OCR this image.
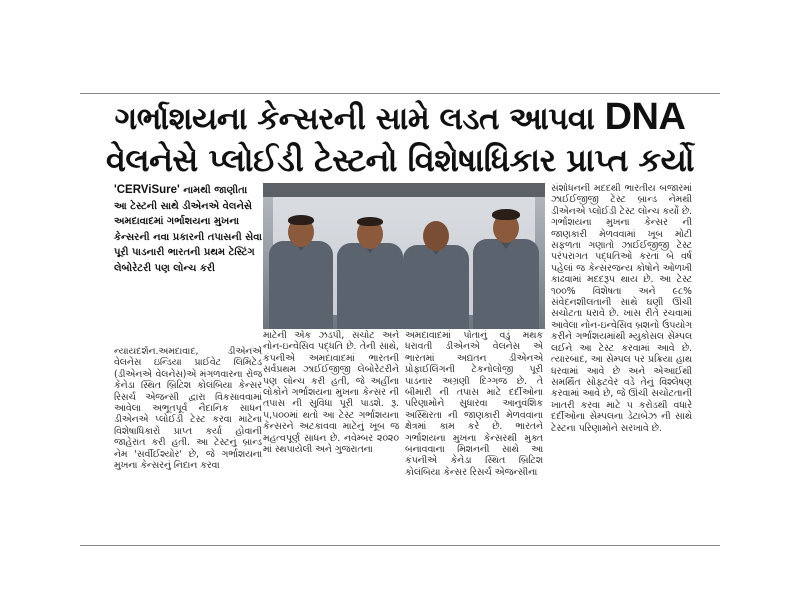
ગર્ભાશયના કેન્સરની સામે લડત આપવા DNA
વેલનેસે પ્લોઈડી ટેસ્ટનો વિશેષાધિકાર પ્રાપ્ત કર્યો
'CERViSure' નામથી જાણીતા આ ટેસ્ટની સાથે ડીએનએ વેલનેસે અમદાવાદમાં ગર્ભાશયના મુખના કેન્સરની નવા પ્રકારની તપાસની સેવા પૂરી પાડનારી ભારતની પ્રથમ ટેસ્ટિંગ લેબોરેટરી પણ લોન્ચ કરી
ન્યાયદર્શન.અમદાવાદ, ડીએનએ વેલનેસ ઇન્ડિયા પ્રાઈવેટ લિમિટેડ (ડીએનએ વેલનેસ)એ મંગળવારના રોજ કેનેડા સ્થિત બ્રિટિશ કોલંબિયા કેન્સર રિસર્ચ એજન્સી દ્વારા વિકસાવવામાં આવેલા અભૂતપૂર્વ નૈદાનિક સાધન ડીએનએ પ્લોઈડી ટેસ્ટ કરવા માટેના વિશેષાધિકારો પ્રાપ્ત કર્યા હોવાની જાહેરાત કરી હતી. આ ટેસ્ટનું બ્રાન્ડ નેમ 'સર્વીઈશ્યોર' છે, જે ગર્ભાશયના મુખના કેન્સરનું નિદાન કરવા
માટેની એક ઝડપી, સચોટ અને નોન-ઇન્વેસિવ પદ્ધતિ છે. તેની સાથે, કંપનીએ અમદાવાદમાં ભારતની સર્વપ્રથમ ઝાઈઈજીજી લેબોરેટરીને પણ લોન્ચ કરી હતી, જે અહીંના લોકોને ગર્ભાશયના મુખના કેન્સર ની તપાસ ની સુવિધા પૂરી પાડશે. રૂ. ૫,૫૦૦માં થતો આ ટેસ્ટ ગર્ભાશયના કેન્સરને અટકાવવા માટેનું ખૂબ જ મહત્વપૂર્ણ સાધન છે. નવેમ્બર ૨૦૨૦ માં સ્થપાયેલી અને ગુજરાતના
અમદાવાદમાં પોતાનું વડું મથક ધરાવતી ડીએનએ વેલનેસ એ ભારતમાં અદ્યતન ડીએનએ પ્રોફાઈલિંગની ટેકનોલોજી પૂરી પાડનાર અગ્રણી દિગ્ગજ છે. તે બીમારી ની તપાસ માટે દર્દીઓના પરિણામોને સુધારવા આનુવંશિક અસ્થિરતા ની જાણકારી મેળવવાના ક્ષેત્રમાં કામ કરે છે. ભારતને ગર્ભાશયના મુખના કેન્સરથી મુક્ત બનાવવાના મિશનની સાથે આ કંપનીએ કેનેડા સ્થિત બ્રિટિશ કોલંબિયા કેન્સર રિસર્ચ એજન્સીના
સંશોધનની મદદથી ભારતીય બજારમાં ઝાઈઈજીજી ટેસ્ટ બ્રાન્ડ નેમથી ડીએનએ પ્લોઈડી ટેસ્ટ લોન્ચ કર્યો છે. ગર્ભાશયના મુખના કેન્સર ની જાણકારી મેળવવામાં ખૂબ મોટી સફળતા ગણાતો ઝાઈઈજીજી ટેસ્ટ પરંપરાગત પદ્ધતિઓ કરતાં બે વર્ષ પહેલાં જ કેન્સરજન્ય કોષોને ઓળખી કાઢવામાં મદદરૂપ થાય છે. આ ટેસ્ટ ૧૦૦% વિશેષતા અને ૯૮% સંવેદનશીલતાની સાથે ઘણી ઊંચી સચોટતા ધરાવે છે. ખાસ રીતે રચવામાં આવેલા નોન-ઇન્વેસિવ બ્રશનો ઉપયોગ કરીને ગર્ભાશયમાંથી મ્યુકોસલ સેમ્પલ લઈને આ ટેસ્ટ કરવામાં આવે છે. ત્યારબાદ, આ સેમ્પલ પર પ્રક્રિયા હાથ ધરવામાં આવે છે અને એઆઈથી સમર્થિત સોફ્ટવેર વડે તેનું વિશ્લેષણ કરવામાં આવે છે, જે ઊંચી સચોટતાની ખાતરી કરવા માટે ૫ કરોડથી વધારે દર્દીઓના સેમ્પલના ડેટાબેઝ ની સાથે ટેસ્ટના પરિણામોને સરખાવે છે.
